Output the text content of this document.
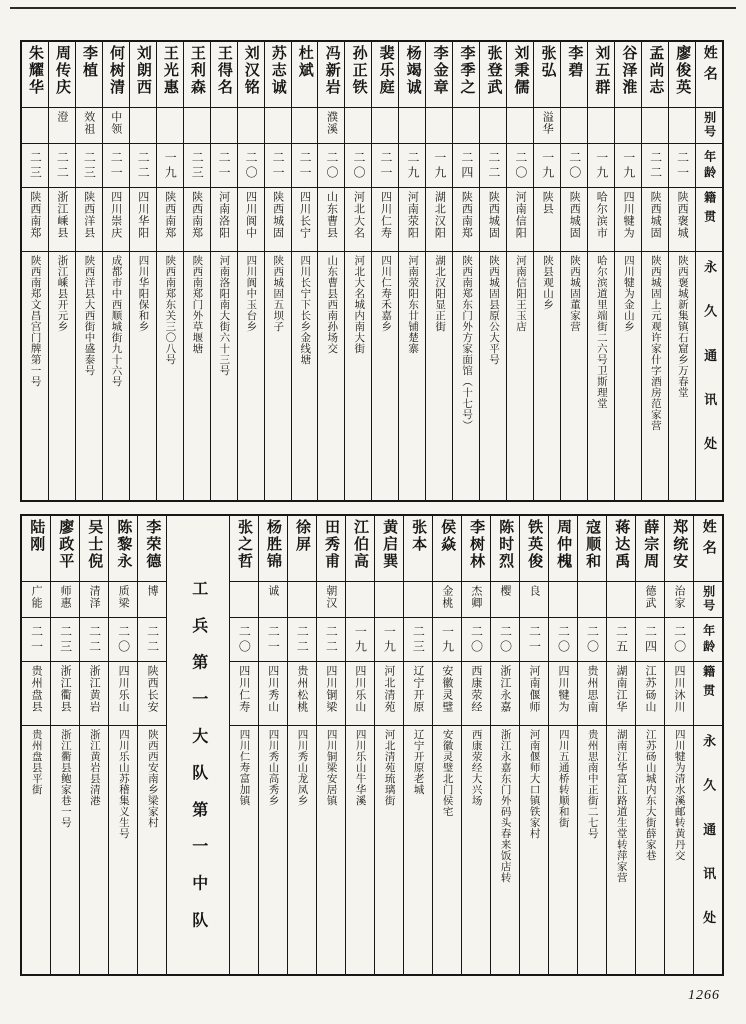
姓名
别号
年龄
籍贯
永久通讯处
廖俊英
二一
陕西褒城
陕西褒城新集镇石窟乡万春堂
孟尚志
二二
陕西城固
陕西城固上元观许家什字酒房范家营
谷泽淮
一九
四川犍为
四川犍为金山乡
刘五群
一九
哈尔滨市
哈尔滨道里端街二六号卫斯理堂
李碧
二〇
陕西城固
陕西城固董家营
张弘
溢华
一九
陕县
陕县观山乡
刘秉儒
二〇
河南信阳
河南信阳王玉店
张登武
二二
陕西城固
陕西城固县原公大平号
李季之
二四
陕西南郑
陕西南郑东门外方家面馆（十七号）
李金章
一九
湖北汉阳
湖北汉阳显正街
杨竭诚
二九
河南荥阳
河南荥阳东廿铺楚寨
裴乐庭
二一
四川仁寿
四川仁寿禾嘉乡
孙正铁
二〇
河北大名
河北大名城内南大街
冯新岩
濮溪
二〇
山东曹县
山东曹县西南孙场交
杜斌
二一
四川长宁
四川长宁下长乡金线塘
苏志诚
二一
陕西城固
陕西城固五坝子
刘汉铭
二〇
四川阆中
四川阆中玉台乡
王得名
二一
河南洛阳
河南洛阳南大街六十三号
王利森
二三
陕西南郑
陕西南郑门外草堰塘
王光惠
一九
陕西南郑
陕西南郑东关三〇八号
刘朗西
二二
四川华阳
四川华阳保和乡
何树清
中领
二一
四川崇庆
成都市中西顺城街九十六号
李植
效祖
二三
陕西洋县
陕西洋县大西街中盛泰号
周传庆
澄
二二
浙江嵊县
浙江嵊县开元乡
朱耀华
二三
陕西南郑
陕西南郑文昌宫门牌第一号
姓名
别号
年龄
籍贯
永久通讯处
郑统安
治家
二〇
四川沐川
四川犍为清水溪邮转黄丹交
薛宗周
德武
二四
江苏砀山
江苏砀山城内东大街薛家巷
蒋达禹
二五
湖南江华
湖南江华富江路道生堂转萍家营
寇顺和
二〇
贵州思南
贵州思南中正街二七号
周仲槐
二〇
四川犍为
四川五通桥转顺和街
铁英俊
良
二一
河南偃师
河南偃师大口镇铁家村
陈时烈
樱
二〇
浙江永嘉
浙江永嘉东门外码头春来饭店转
李树林
杰卿
二〇
西康荥经
西康荥经大兴场
侯焱
金桃
一九
安徽灵璧
安徽灵璧北门侯宅
张本
二三
辽宁开原
辽宁开原老城
黄启巽
一九
河北清苑
河北清苑琉璃街
江伯高
一九
四川乐山
四川乐山牛华溪
田秀甫
朝汉
二二
四川铜梁
四川铜梁安居镇
徐屏
二二
贵州松桃
四川秀山龙凤乡
杨胜锦
诚
二一
四川秀山
四川秀山高秀乡
张之哲
二〇
四川仁寿
四川仁寿富加镇
工兵第一大队第一中队
李荣德
博
二二
陕西长安
陕西西安南乡梁家村
陈黎永
质梁
二〇
四川乐山
四川乐山苏稽集义生号
吴士倪
清泽
二二
浙江黄岩
浙江黄岩县清港
廖政平
师惠
二三
浙江衢县
浙江衢县鲍家巷一号
陆刚
广能
二一
贵州盘县
贵州盘县平街
1266
